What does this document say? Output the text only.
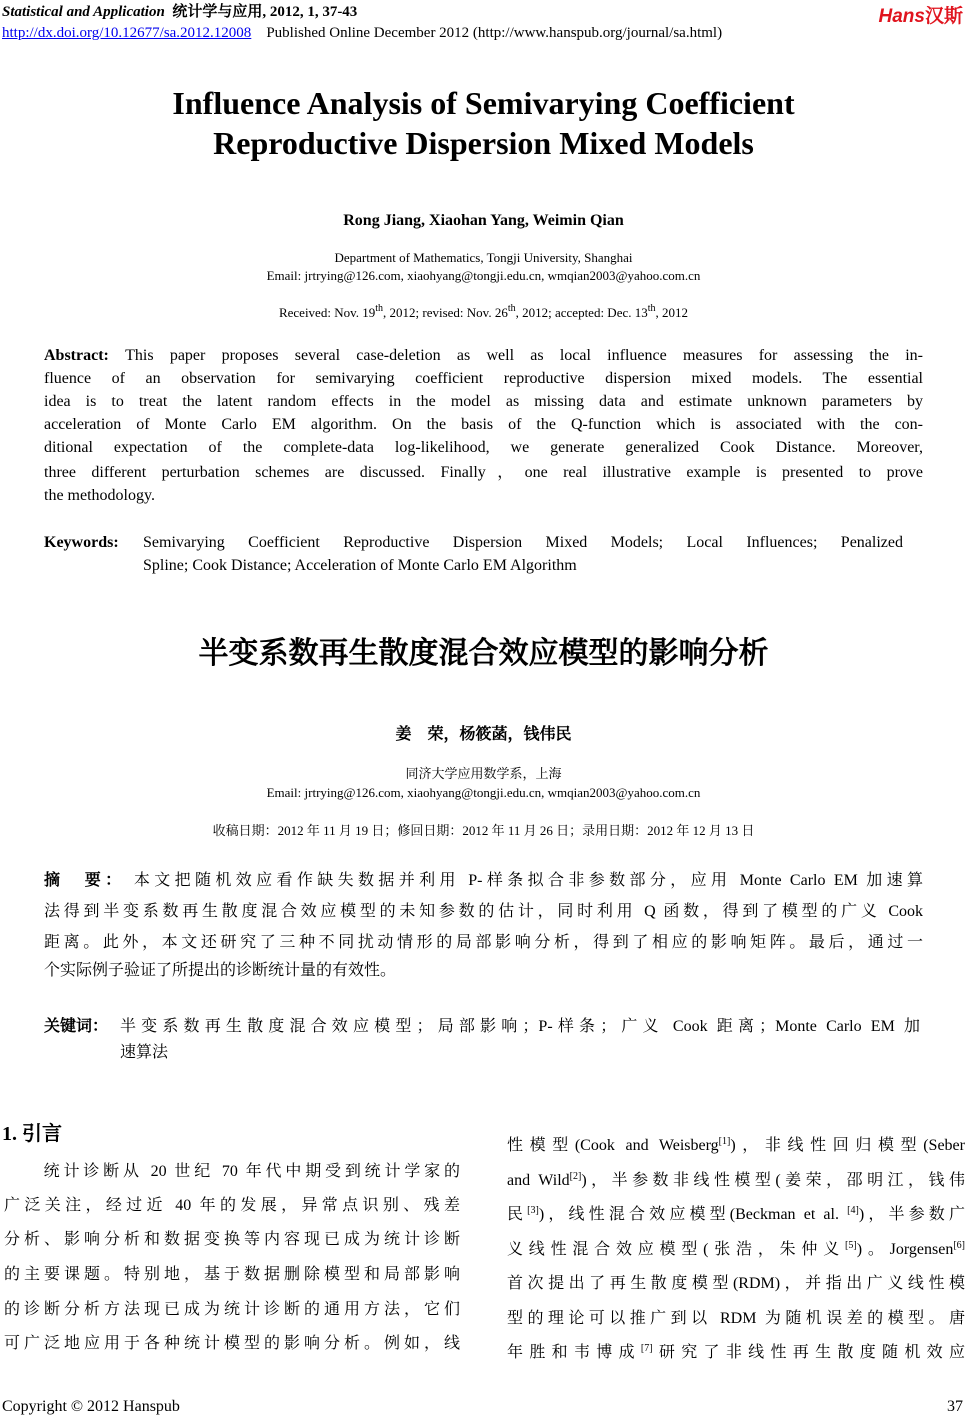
Statistical and Application 统计学与应用, 2012, 1, 37-43	Hans汉斯
http://dx.doi.org/10.12677/sa.2012.12008 Published Online December 2012 (http://www.hanspub.org/journal/sa.html)
Influence Analysis of Semivarying Coefficient
Reproductive Dispersion Mixed Models
Rong Jiang, Xiaohan Yang, Weimin Qian
Department of Mathematics, Tongji University, Shanghai
Email: jrtrying@126.com, xiaohyang@tongji.edu.cn, wmqian2003@yahoo.com.cn
Received: Nov. 19th, 2012; revised: Nov. 26th, 2012; accepted: Dec. 13th, 2012
Abstract: This paper proposes several case-deletion as well as local influence measures for assessing the in-
fluence of an observation for semivarying coefficient reproductive dispersion mixed models. The essential
idea is to treat the latent random effects in the model as missing data and estimate unknown parameters by
acceleration of Monte Carlo EM algorithm. On the basis of the Q-function which is associated with the con-
ditional expectation of the complete-data log-likelihood, we generate generalized Cook Distance. Moreover,
three different perturbation schemes are discussed. Finally，one real illustrative example is presented to prove
the methodology.
Keywords: Semivarying Coefficient Reproductive Dispersion Mixed Models; Local Influences; Penalized
Spline; Cook Distance; Acceleration of Monte Carlo EM Algorithm
半变系数再生散度混合效应模型的影响分析
姜　荣，杨筱菡，钱伟民
同济大学应用数学系，上海
Email: jrtrying@126.com, xiaohyang@tongji.edu.cn, wmqian2003@yahoo.com.cn
收稿日期：2012 年 11 月 19 日；修回日期：2012 年 11 月 26 日；录用日期：2012 年 12 月 13 日
摘　要： 本文把随机效应看作缺失数据并利用 P-样条拟合非参数部分，应用 Monte Carlo EM 加速算
法得到半变系数再生散度混合效应模型的未知参数的估计，同时利用 Q 函数，得到了模型的广义 Cook
距离。此外，本文还研究了三种不同扰动情形的局部影响分析，得到了相应的影响矩阵。最后，通过一
个实际例子验证了所提出的诊断统计量的有效性。
关键词： 半变系数再生散度混合效应模型；局部影响；P-样条；广义 Cook 距离；Monte Carlo EM 加
速算法
1. 引言
　　统计诊断从 20 世纪 70 年代中期受到统计学家的
广泛关注，经过近 40 年的发展，异常点识别、残差
分析、影响分析和数据变换等内容现已成为统计诊断
的主要课题。特别地，基于数据删除模型和局部影响
的诊断分析方法现已成为统计诊断的通用方法，它们
可广泛地应用于各种统计模型的影响分析。例如，线
性模型(Cook and Weisberg[1])，非线性回归模型(Seber
and Wild[2])，半参数非线性模型(姜荣，邵明江，钱伟
民[3])，线性混合效应模型(Beckman et al. [4])，半参数广
义线性混合效应模型(张浩，朱仲义[5])。Jorgensen[6]
首次提出了再生散度模型(RDM)，并指出广义线性模
型的理论可以推广到以 RDM 为随机误差的模型。唐
年胜和韦博成[7]研究了非线性再生散度随机效应
Copyright © 2012 Hanspub	37
